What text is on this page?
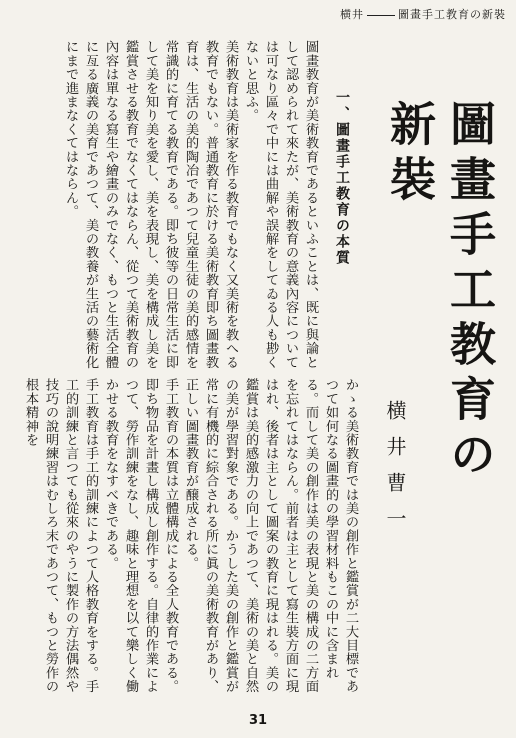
横井	圖畫手工教育の新裝
圖畫手工教育の新裝
横井曹一
一、圖畫手工教育の本質

圖畫教育が美術教育であるといふことは、既に與論として認められて來たが、美術教育の意義內容については可なり區々で中には曲解や誤解をしてゐる人も尠くないと思ふ。

美術教育は美術家を作る教育でもなく又美術を教へる教育でもない。普通教育に於ける美術教育即ち圖畫教育は、生活の美的陶冶であつて兒童生徒の美的感情を常識的に育てる教育である。即ち彼等の日常生活に即して美を知り美を愛し、美を表現し、美を構成し美を鑑賞させる教育でなくてはならん、從つて美術教育の內容は單なる寫生や繪畫のみでなく、もつと生活全體に亙る廣義の美育であつて、美の教養が生活の藝術化にまで進まなくてはならん。

かゝる美術教育では美の創作と鑑賞が二大目標であつて如何なる圖畫的の學習材料もこの中に含まれる。而して美の創作は美の表現と美の構成の二方面を忘れてはならん。前者は主として寫生裝方面に現はれ、後者は主として圖案の教育に現はれる。美の鑑賞は美的感激力の向上であつて、美術の美と自然の美が學習對象である。かうした美の創作と鑑賞が常に有機的に綜合される所に眞の美術教育があり、正しい圖畫教育が醸成される。

手工教育の本質は立體構成による全人教育である。即ち物品を計畫し構成し創作する。自律的作業によつて、勞作訓練をなし、趣味と理想を以て樂しく働かせる教育をなすべきである。

手工教育は手工的訓練によつて人格教育をする。手工的訓練と言つても從來のやうに製作の方法偶然や技巧の說明練習はむしろ末であつて、もつと勞作の根本精神を

31
